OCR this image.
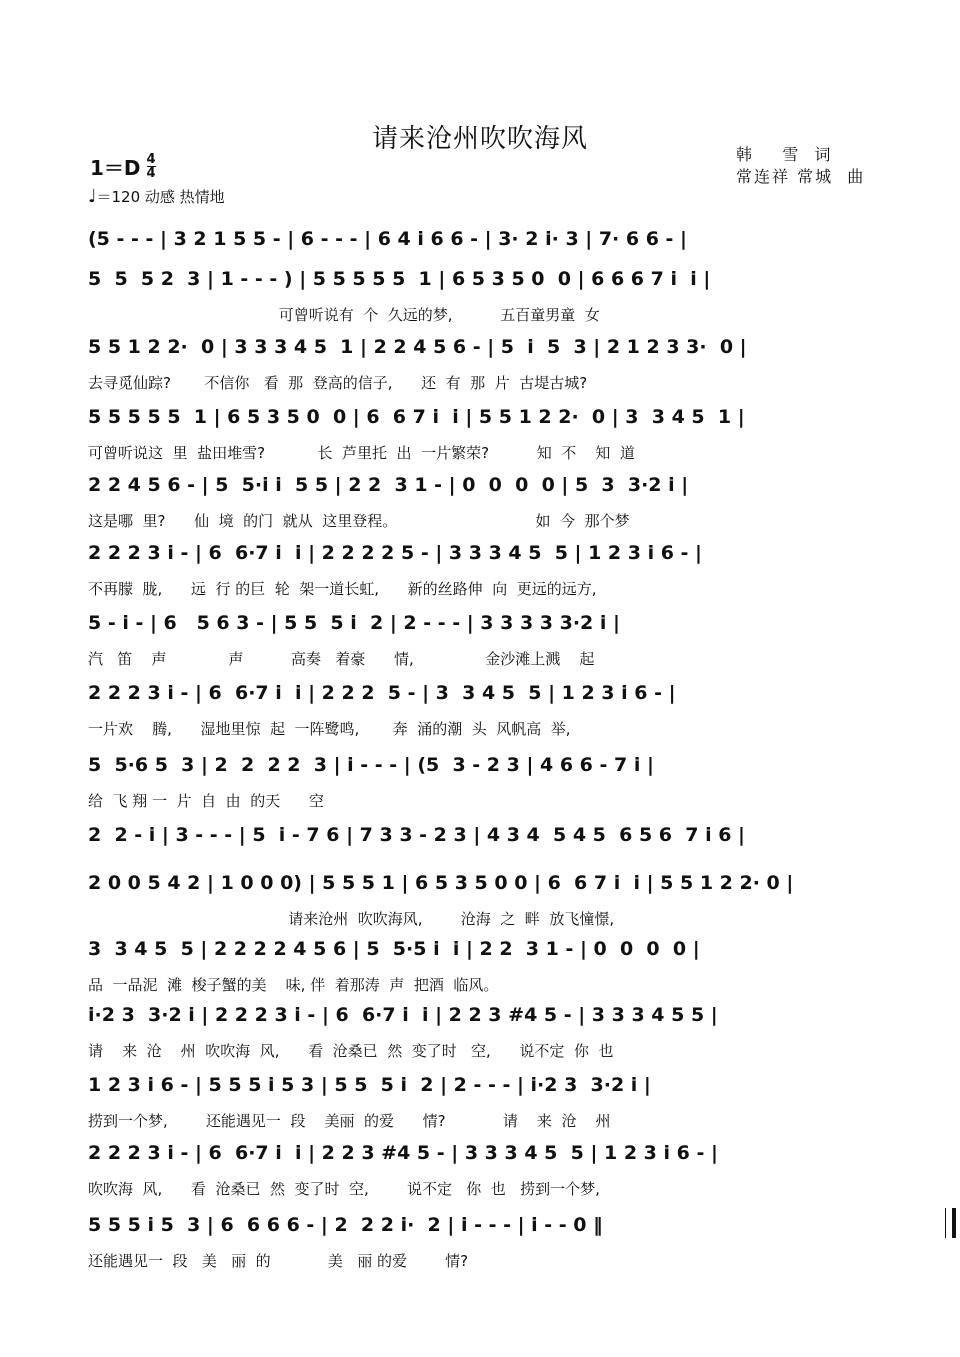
请来沧州吹吹海风
1＝D 4
4
♩＝120 动感 热情地
韩    雪  词
常连祥 常城  曲
(5 - - - | 3 2 1 5 5 - | 6 - - - | 6 4 i 6 6 - | 3· 2 i· 3 | 7· 6 6 - |
5  5  5 2  3 | 1 - - - ) | 5 5 5 5 5  1 | 6 5 3 5 0  0 | 6 6 6 7 i  i |
可曾听说有  个  久远的梦,          五百童男童  女
5 5 1 2 2·  0 | 3 3 3 4 5  1 | 2 2 4 5 6 - | 5  i  5  3 | 2 1 2 3 3·  0 |
去寻觅仙踪?       不信你   看  那  登高的信子,      还  有  那  片  古堤古城?
5 5 5 5 5  1 | 6 5 3 5 0  0 | 6  6 7 i  i | 5 5 1 2 2·  0 | 3  3 4 5  1 |
可曾听说这  里  盐田堆雪?           长  芦里托  出  一片繁荣?          知  不    知  道
2 2 4 5 6 - | 5  5·i i  5 5 | 2 2  3 1 - | 0  0  0  0 | 5  3  3·2 i |
这是哪  里?      仙  境  的门  就从  这里登程。                             如  今  那个梦
2 2 2 3 i - | 6  6·7 i  i | 2 2 2 2 5 - | 3 3 3 4 5  5 | 1 2 3 i 6 - |
不再朦  胧,      远  行 的巨  轮  架一道长虹,      新的丝路伸  向  更远的远方,
5 - i - | 6   5 6 3 - | 5 5  5 i  2 | 2 - - - | 3 3 3 3 3·2 i |
汽   笛    声             声          高奏   着豪      情,               金沙滩上溅    起
2 2 2 3 i - | 6  6·7 i  i | 2 2 2  5 - | 3  3 4 5  5 | 1 2 3 i 6 - |
一片欢    腾,      湿地里惊  起  一阵鹭鸣,       奔  涌的潮  头  风帆高  举,
5  5·6 5  3 | 2  2  2 2  3 | i - - - | (5  3 - 2 3 | 4 6 6 - 7 i |
给  飞 翔 一  片  自  由  的天      空
2  2 - i | 3 - - - | 5  i - 7 6 | 7 3 3 - 2 3 | 4 3 4  5 4 5  6 5 6  7 i 6 |
2 0 0 5 4 2 | 1 0 0 0) | 5 5 5 1 | 6 5 3 5 0 0 | 6  6 7 i  i | 5 5 1 2 2· 0 |
请来沧州  吹吹海风,        沧海  之  畔  放飞憧憬,
3  3 4 5  5 | 2 2 2 2 4 5 6 | 5  5·5 i  i | 2 2  3 1 - | 0  0  0  0 |
品  一品泥  滩  梭子蟹的美    味, 伴  着那涛  声  把酒  临风。
i·2 3  3·2 i | 2 2 2 3 i - | 6  6·7 i  i | 2 2 3 #4 5 - | 3 3 3 4 5 5 |
请    来  沧    州  吹吹海  风,      看  沧桑已  然  变了时   空,      说不定  你  也
1 2 3 i 6 - | 5 5 5 i 5 3 | 5 5  5 i  2 | 2 - - - | i·2 3  3·2 i |
捞到一个梦,        还能遇见一  段    美丽  的爱      情?            请    来  沧    州
2 2 2 3 i - | 6  6·7 i  i | 2 2 3 #4 5 - | 3 3 3 4 5  5 | 1 2 3 i 6 - |
吹吹海  风,      看  沧桑已  然  变了时  空,        说不定   你  也   捞到一个梦,
5 5 5 i 5  3 | 6  6 6 6 - | 2  2 2 i·  2 | i - - - | i - - 0 ‖
还能遇见一  段   美   丽  的            美   丽 的爱        情?
